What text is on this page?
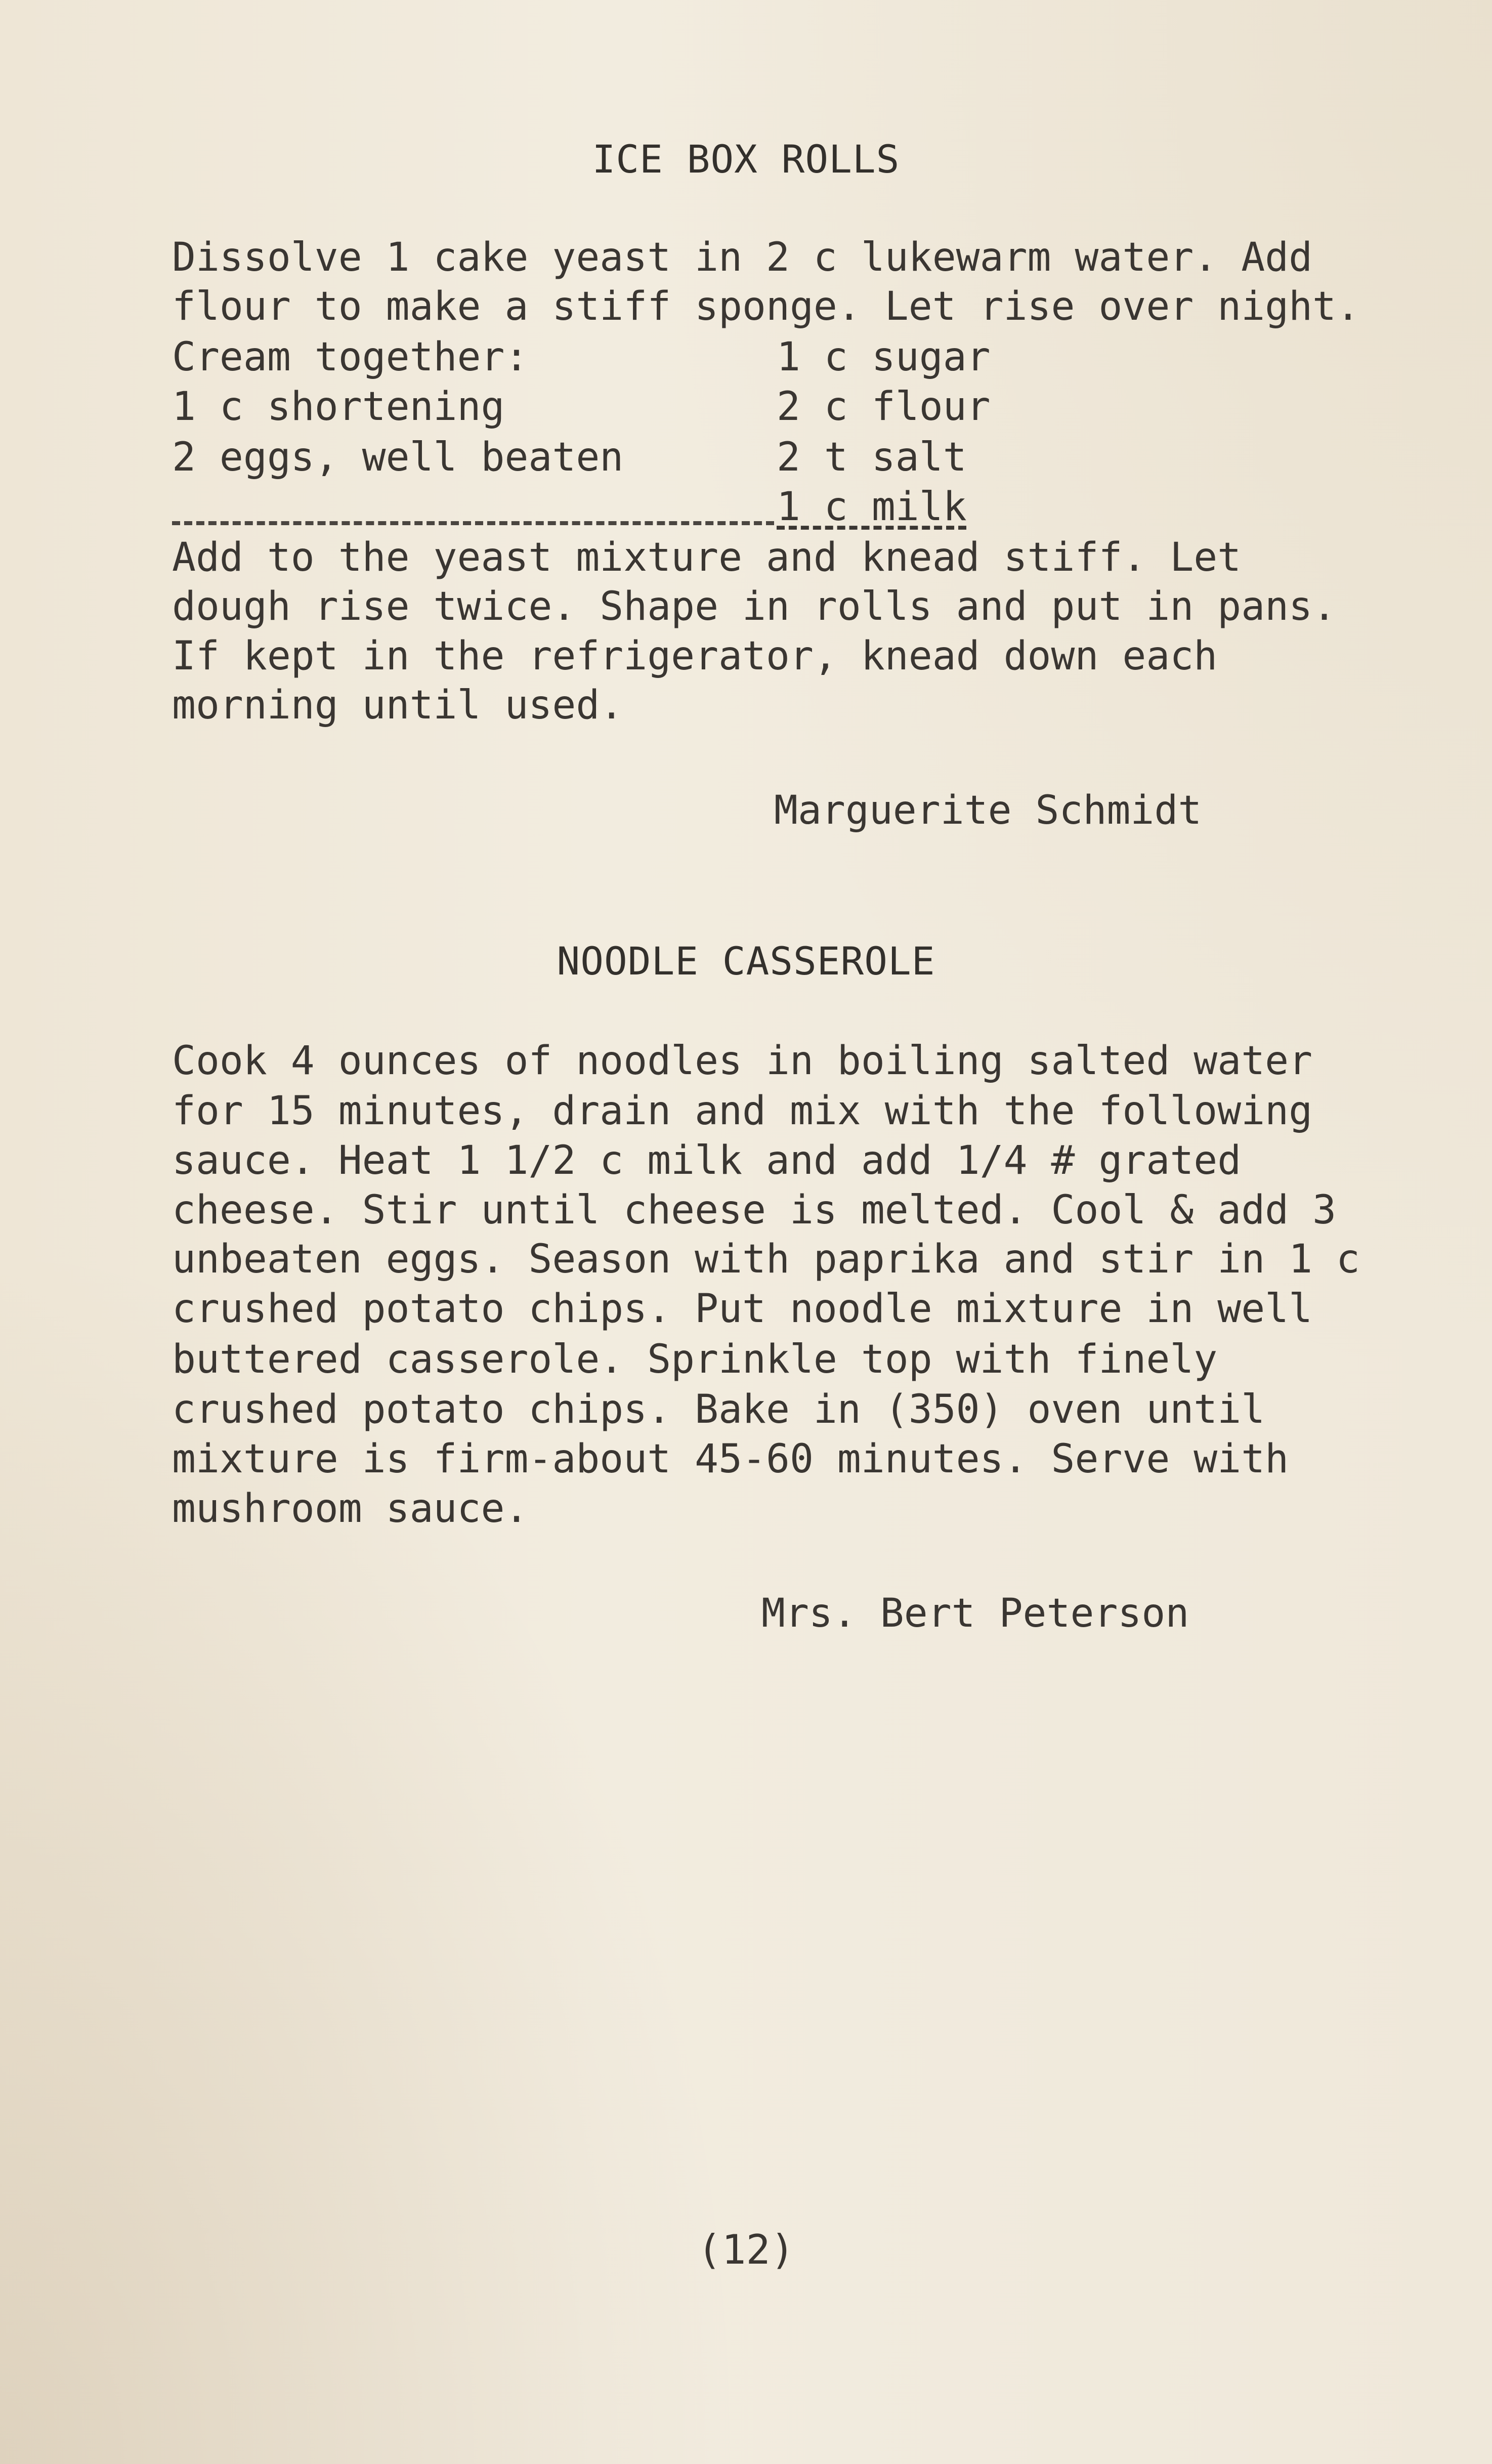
ICE BOX ROLLS
Dissolve 1 cake yeast in 2 c lukewarm water. Add
flour to make a stiff sponge. Let rise over night.
Cream together:
1 c shortening
2 eggs, well beaten
1 c sugar
2 c flour
2 t salt
1 c milk
Add to the yeast mixture and knead stiff. Let
dough rise twice. Shape in rolls and put in pans.
If kept in the refrigerator, knead down each
morning until used.
Marguerite Schmidt
NOODLE CASSEROLE
Cook 4 ounces of noodles in boiling salted water
for 15 minutes, drain and mix with the following
sauce. Heat 1 1/2 c milk and add 1/4 # grated
cheese. Stir until cheese is melted. Cool & add 3
unbeaten eggs. Season with paprika and stir in 1 c
crushed potato chips. Put noodle mixture in well
buttered casserole. Sprinkle top with finely
crushed potato chips. Bake in (350) oven until
mixture is firm-about 45-60 minutes. Serve with
mushroom sauce.
Mrs. Bert Peterson
(12)
